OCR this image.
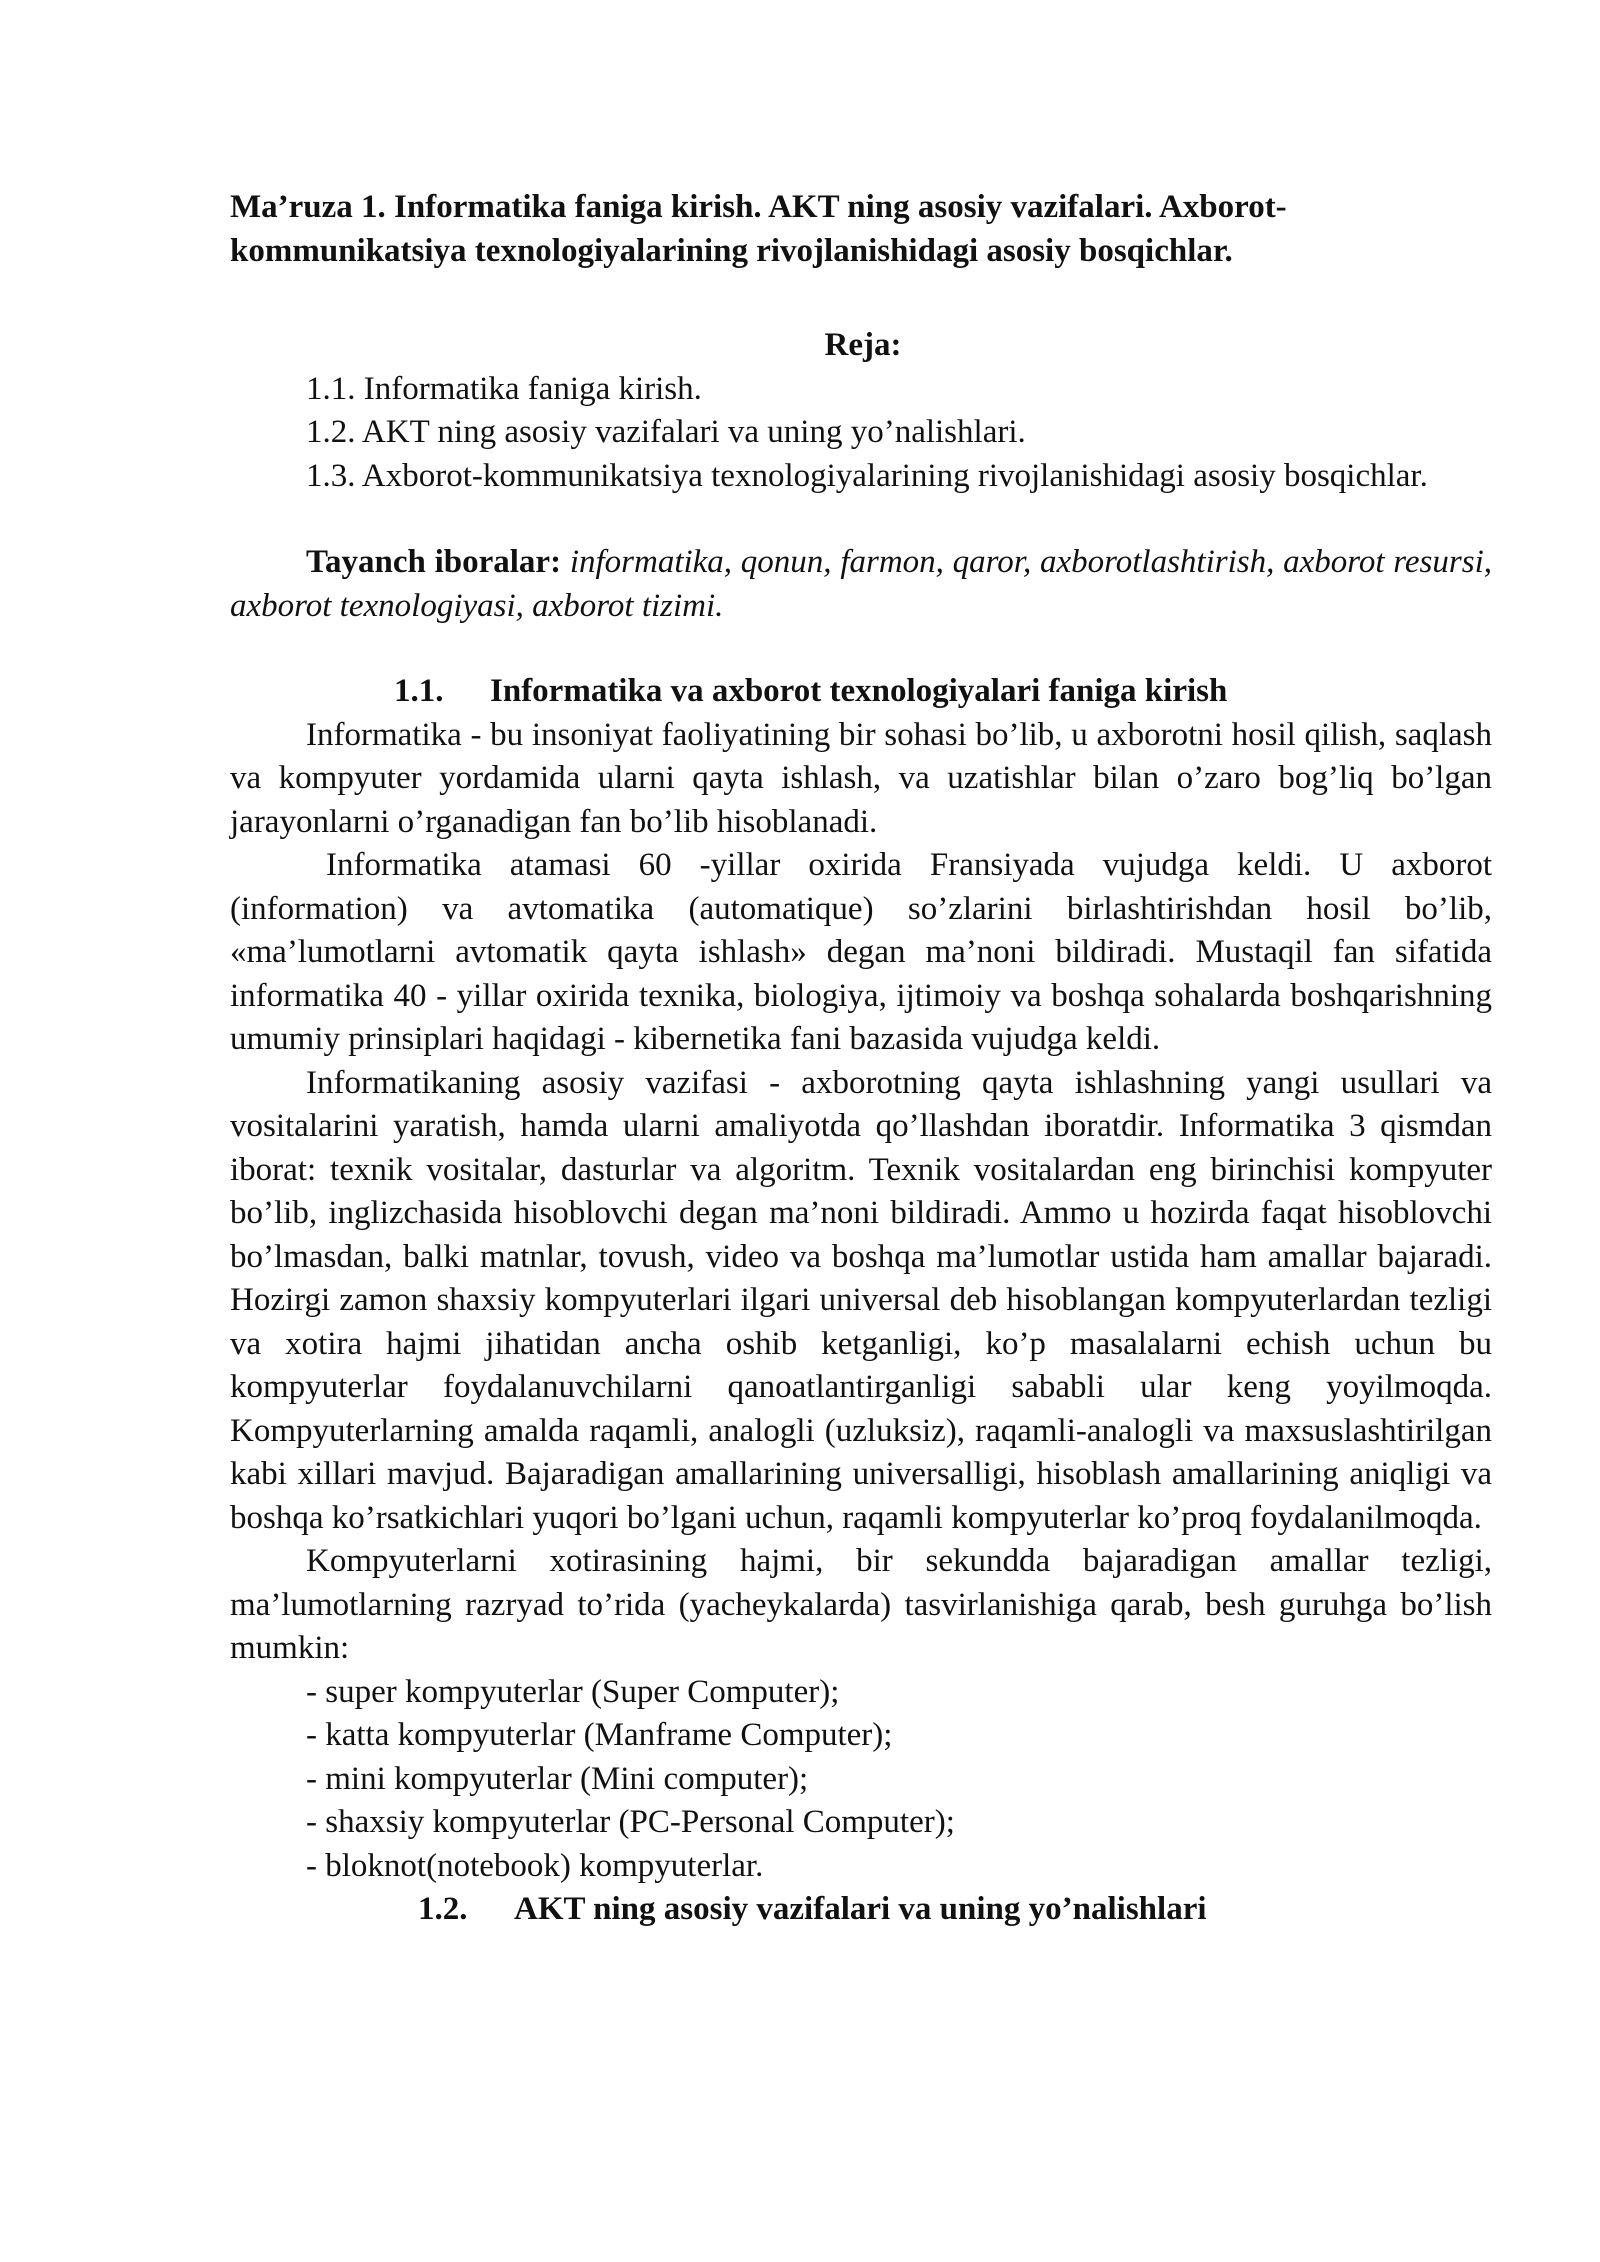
Ma’ruza 1. Informatika faniga kirish. AKT ning asosiy vazifalari. Axborot-kommunikatsiya texnologiyalarining rivojlanishidagi asosiy bosqichlar.

Reja:

1.1. Informatika faniga kirish.

1.2. AKT ning asosiy vazifalari va uning yo’nalishlari.

1.3. Axborot-kommunikatsiya texnologiyalarining rivojlanishidagi asosiy bosqichlar.

Tayanch iboralar: informatika, qonun, farmon, qaror, axborotlashtirish, axborot resursi, axborot texnologiyasi, axborot tizimi.

1.1. Informatika va axborot texnologiyalari faniga kirish

Informatika - bu insoniyat faoliyatining bir sohasi bo’lib, u axborotni hosil qilish, saqlash va kompyuter yordamida ularni qayta ishlash, va uzatishlar bilan o’zaro bog’liq bo’lgan jarayonlarni o’rganadigan fan bo’lib hisoblanadi.

Informatika atamasi 60 -yillar oxirida Fransiyada vujudga keldi. U axborot (information) va avtomatika (automatique) so’zlarini birlashtirishdan hosil bo’lib, «ma’lumotlarni avtomatik qayta ishlash» degan ma’noni bildiradi. Mustaqil fan sifatida informatika 40 - yillar oxirida texnika, biologiya, ijtimoiy va boshqa sohalarda boshqarishning umumiy prinsiplari haqidagi - kibernetika fani bazasida vujudga keldi.

Informatikaning asosiy vazifasi - axborotning qayta ishlashning yangi usullari va vositalarini yaratish, hamda ularni amaliyotda qo’llashdan iboratdir. Informatika 3 qismdan iborat: texnik vositalar, dasturlar va algoritm. Texnik vositalardan eng birinchisi kompyuter bo’lib, inglizchasida hisoblovchi degan ma’noni bildiradi. Ammo u hozirda faqat hisoblovchi bo’lmasdan, balki matnlar, tovush, video va boshqa ma’lumotlar ustida ham amallar bajaradi. Hozirgi zamon shaxsiy kompyuterlari ilgari universal deb hisoblangan kompyuterlardan tezligi va xotira hajmi jihatidan ancha oshib ketganligi, ko’p masalalarni echish uchun bu kompyuterlar foydalanuvchilarni qanoatlantirganligi sababli ular keng yoyilmoqda. Kompyuterlarning amalda raqamli, analogli (uzluksiz), raqamli-analogli va maxsuslashtirilgan kabi xillari mavjud. Bajaradigan amallarining universalligi, hisoblash amallarining aniqligi va boshqa ko’rsatkichlari yuqori bo’lgani uchun, raqamli kompyuterlar ko’proq foydalanilmoqda.

Kompyuterlarni xotirasining hajmi, bir sekundda bajaradigan amallar tezligi, ma’lumotlarning razryad to’rida (yacheykalarda) tasvirlanishiga qarab, besh guruhga bo’lish mumkin:

- super kompyuterlar (Super Computer);

- katta kompyuterlar (Manframe Computer);

- mini kompyuterlar (Mini computer);

- shaxsiy kompyuterlar (PC-Personal Computer);

- bloknot(notebook) kompyuterlar.

1.2. AKT ning asosiy vazifalari va uning yo’nalishlari
